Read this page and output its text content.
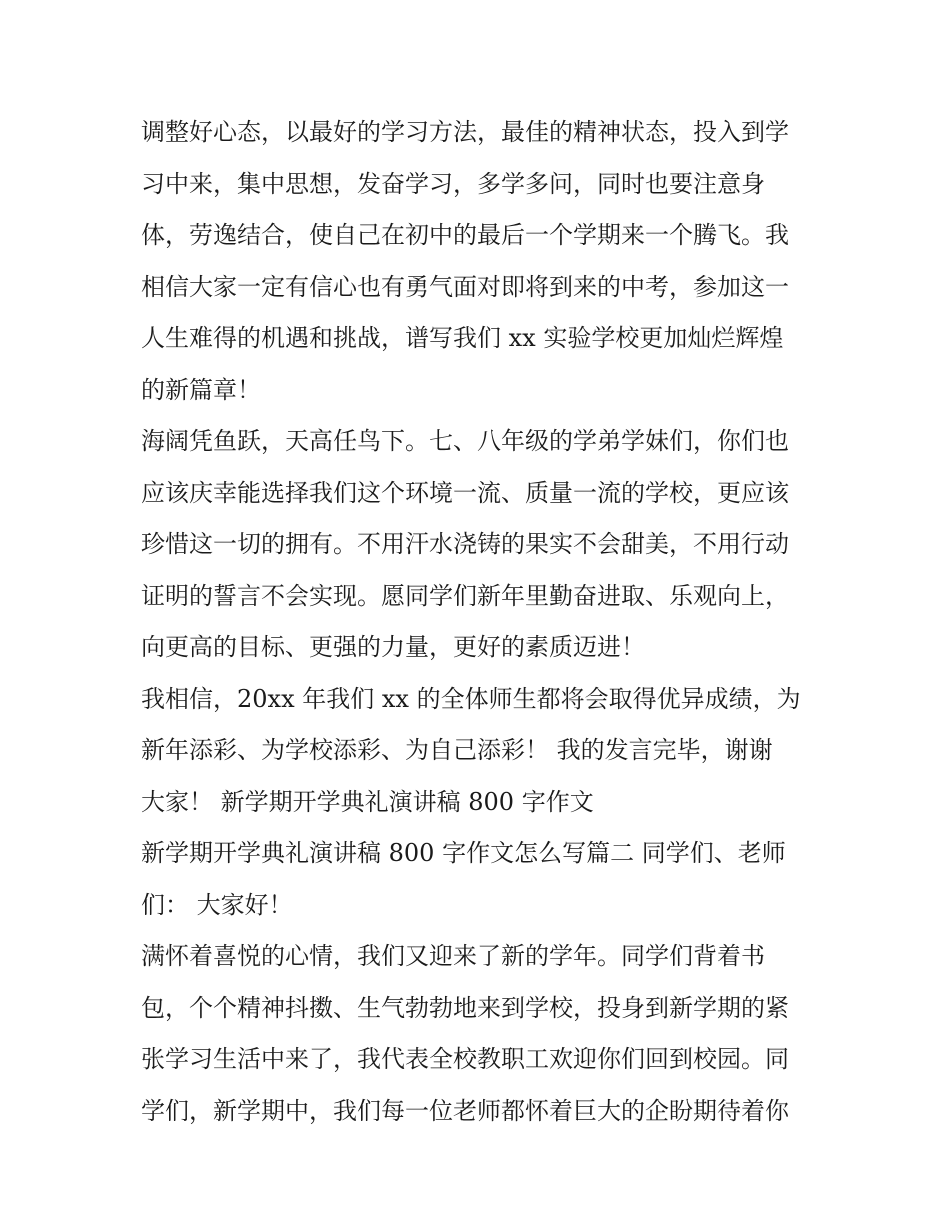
调整好心态，以最好的学习方法，最佳的精神状态，投入到学
习中来，集中思想，发奋学习，多学多问，同时也要注意身
体，劳逸结合，使自己在初中的最后一个学期来一个腾飞。我
相信大家一定有信心也有勇气面对即将到来的中考，参加这一
人生难得的机遇和挑战，谱写我们 xx 实验学校更加灿烂辉煌
的新篇章！
海阔凭鱼跃，天高任鸟下。七、八年级的学弟学妹们，你们也
应该庆幸能选择我们这个环境一流、质量一流的学校，更应该
珍惜这一切的拥有。不用汗水浇铸的果实不会甜美，不用行动
证明的誓言不会实现。愿同学们新年里勤奋进取、乐观向上，
向更高的目标、更强的力量，更好的素质迈进！
我相信，20xx 年我们 xx 的全体师生都将会取得优异成绩，为
新年添彩、为学校添彩、为自己添彩！ 我的发言完毕，谢谢
大家！ 新学期开学典礼演讲稿 800 字作文
新学期开学典礼演讲稿 800 字作文怎么写篇二 同学们、老师
们： 大家好！
满怀着喜悦的心情，我们又迎来了新的学年。同学们背着书
包，个个精神抖擞、生气勃勃地来到学校，投身到新学期的紧
张学习生活中来了，我代表全校教职工欢迎你们回到校园。同
学们，新学期中，我们每一位老师都怀着巨大的企盼期待着你
